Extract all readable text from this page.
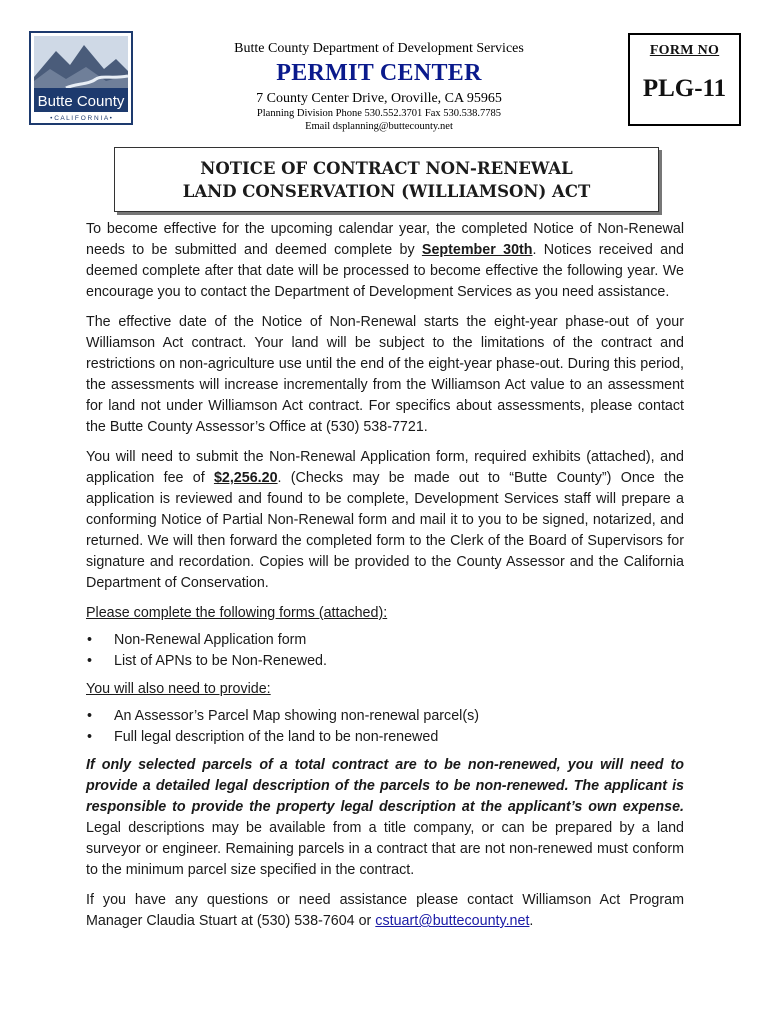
Butte County
• C A L I F O R N I A •
Butte County Department of Development Services
PERMIT CENTER
7 County Center Drive, Oroville, CA 95965
Planning Division Phone 530.552.3701 Fax 530.538.7785
Email dsplanning@buttecounty.net
FORM NO
PLG-11
NOTICE OF CONTRACT NON-RENEWAL
LAND CONSERVATION (WILLIAMSON) ACT

To become effective for the upcoming calendar year, the completed Notice of Non-Renewal needs to be submitted and deemed complete by September 30th. Notices received and deemed complete after that date will be processed to become effective the following year. We encourage you to contact the Department of Development Services as you need assistance.

The effective date of the Notice of Non-Renewal starts the eight-year phase-out of your Williamson Act contract. Your land will be subject to the limitations of the contract and restrictions on non-agriculture use until the end of the eight-year phase-out. During this period, the assessments will increase incrementally from the Williamson Act value to an assessment for land not under Williamson Act contract. For specifics about assessments, please contact the Butte County Assessor’s Office at (530) 538-7721.

You will need to submit the Non-Renewal Application form, required exhibits (attached), and application fee of $2,256.20. (Checks may be made out to “Butte County”) Once the application is reviewed and found to be complete, Development Services staff will prepare a conforming Notice of Partial Non-Renewal form and mail it to you to be signed, notarized, and returned. We will then forward the completed form to the Clerk of the Board of Supervisors for signature and recordation. Copies will be provided to the County Assessor and the California Department of Conservation.

Please complete the following forms (attached):
• Non-Renewal Application form
• List of APNs to be Non-Renewed.
You will also need to provide:
• An Assessor’s Parcel Map showing non-renewal parcel(s)
• Full legal description of the land to be non-renewed

If only selected parcels of a total contract are to be non-renewed, you will need to provide a detailed legal description of the parcels to be non-renewed. The applicant is responsible to provide the property legal description at the applicant’s own expense. Legal descriptions may be available from a title company, or can be prepared by a land surveyor or engineer. Remaining parcels in a contract that are not non-renewed must conform to the minimum parcel size specified in the contract.

If you have any questions or need assistance please contact Williamson Act Program Manager Claudia Stuart at (530) 538-7604 or cstuart@buttecounty.net.
